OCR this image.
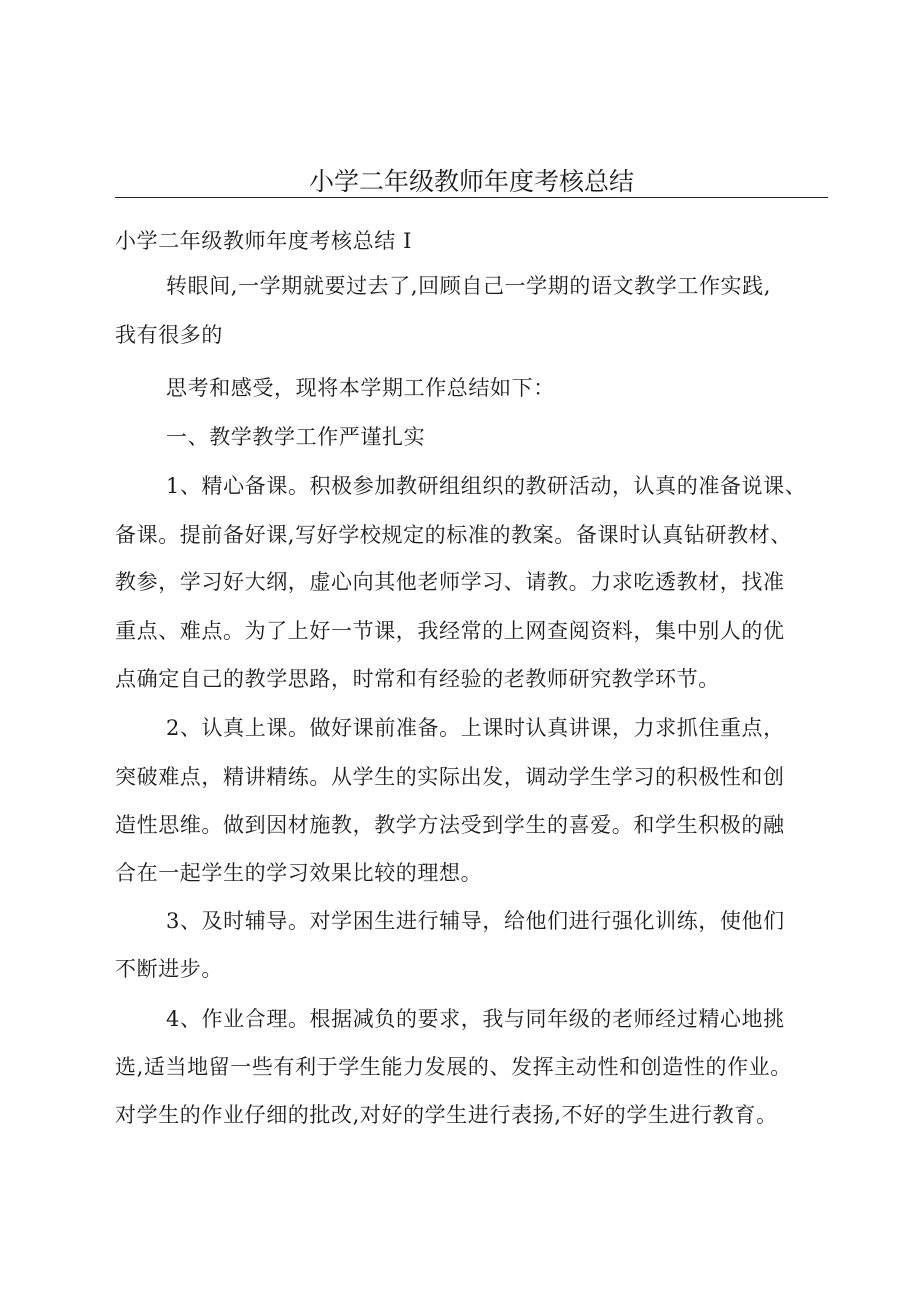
小学二年级教师年度考核总结
小学二年级教师年度考核总结 I
转眼间,一学期就要过去了,回顾自己一学期的语文教学工作实践,
我有很多的
思考和感受，现将本学期工作总结如下：
一、教学教学工作严谨扎实
1、精心备课。积极参加教研组组织的教研活动，认真的准备说课、
备课。提前备好课,写好学校规定的标准的教案。备课时认真钻研教材、
教参，学习好大纲，虚心向其他老师学习、请教。力求吃透教材，找准
重点、难点。为了上好一节课，我经常的上网查阅资料，集中别人的优
点确定自己的教学思路，时常和有经验的老教师研究教学环节。
2、认真上课。做好课前准备。上课时认真讲课，力求抓住重点，
突破难点，精讲精练。从学生的实际出发，调动学生学习的积极性和创
造性思维。做到因材施教，教学方法受到学生的喜爱。和学生积极的融
合在一起学生的学习效果比较的理想。
3、及时辅导。对学困生进行辅导，给他们进行强化训练，使他们
不断进步。
4、作业合理。根据减负的要求，我与同年级的老师经过精心地挑
选,适当地留一些有利于学生能力发展的、发挥主动性和创造性的作业。
对学生的作业仔细的批改,对好的学生进行表扬,不好的学生进行教育。
